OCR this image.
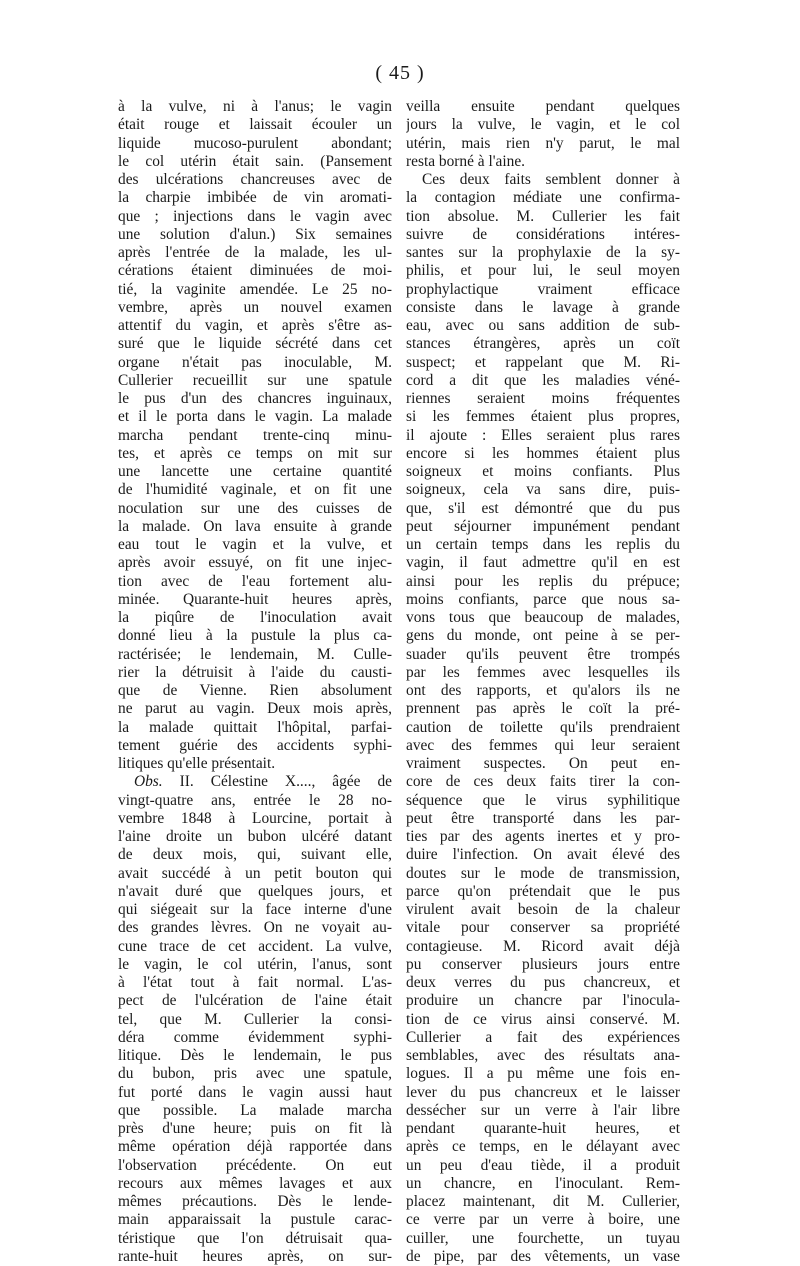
( 45 )
à la vulve, ni à l'anus; le vagin
était rouge et laissait écouler un
liquide mucoso-purulent abondant;
le col utérin était sain. (Pansement
des ulcérations chancreuses avec de
la charpie imbibée de vin aromati-
que ; injections dans le vagin avec
une solution d'alun.) Six semaines
après l'entrée de la malade, les ul-
cérations étaient diminuées de moi-
tié, la vaginite amendée. Le 25 no-
vembre, après un nouvel examen
attentif du vagin, et après s'être as-
suré que le liquide sécrété dans cet
organe n'était pas inoculable, M.
Cullerier recueillit sur une spatule
le pus d'un des chancres inguinaux,
et il le porta dans le vagin. La malade
marcha pendant trente-cinq minu-
tes, et après ce temps on mit sur
une lancette une certaine quantité
de l'humidité vaginale, et on fit une
noculation sur une des cuisses de
la malade. On lava ensuite à grande
eau tout le vagin et la vulve, et
après avoir essuyé, on fit une injec-
tion avec de l'eau fortement alu-
minée. Quarante-huit heures après,
la piqûre de l'inoculation avait
donné lieu à la pustule la plus ca-
ractérisée; le lendemain, M. Culle-
rier la détruisit à l'aide du causti-
que de Vienne. Rien absolument
ne parut au vagin. Deux mois après,
la malade quittait l'hôpital, parfai-
tement guérie des accidents syphi-
litiques qu'elle présentait.
Obs. II. Célestine X...., âgée de
vingt-quatre ans, entrée le 28 no-
vembre 1848 à Lourcine, portait à
l'aine droite un bubon ulcéré datant
de deux mois, qui, suivant elle,
avait succédé à un petit bouton qui
n'avait duré que quelques jours, et
qui siégeait sur la face interne d'une
des grandes lèvres. On ne voyait au-
cune trace de cet accident. La vulve,
le vagin, le col utérin, l'anus, sont
à l'état tout à fait normal. L'as-
pect de l'ulcération de l'aine était
tel, que M. Cullerier la consi-
déra comme évidemment syphi-
litique. Dès le lendemain, le pus
du bubon, pris avec une spatule,
fut porté dans le vagin aussi haut
que possible. La malade marcha
près d'une heure; puis on fit là
même opération déjà rapportée dans
l'observation précédente. On eut
recours aux mêmes lavages et aux
mêmes précautions. Dès le lende-
main apparaissait la pustule carac-
téristique que l'on détruisait qua-
rante-huit heures après, on sur-
veilla ensuite pendant quelques
jours la vulve, le vagin, et le col
utérin, mais rien n'y parut, le mal
resta borné à l'aine.
Ces deux faits semblent donner à
la contagion médiate une confirma-
tion absolue. M. Cullerier les fait
suivre de considérations intéres-
santes sur la prophylaxie de la sy-
philis, et pour lui, le seul moyen
prophylactique vraiment efficace
consiste dans le lavage à grande
eau, avec ou sans addition de sub-
stances étrangères, après un coït
suspect; et rappelant que M. Ri-
cord a dit que les maladies véné-
riennes seraient moins fréquentes
si les femmes étaient plus propres,
il ajoute : Elles seraient plus rares
encore si les hommes étaient plus
soigneux et moins confiants. Plus
soigneux, cela va sans dire, puis-
que, s'il est démontré que du pus
peut séjourner impunément pendant
un certain temps dans les replis du
vagin, il faut admettre qu'il en est
ainsi pour les replis du prépuce;
moins confiants, parce que nous sa-
vons tous que beaucoup de malades,
gens du monde, ont peine à se per-
suader qu'ils peuvent être trompés
par les femmes avec lesquelles ils
ont des rapports, et qu'alors ils ne
prennent pas après le coït la pré-
caution de toilette qu'ils prendraient
avec des femmes qui leur seraient
vraiment suspectes. On peut en-
core de ces deux faits tirer la con-
séquence que le virus syphilitique
peut être transporté dans les par-
ties par des agents inertes et y pro-
duire l'infection. On avait élevé des
doutes sur le mode de transmission,
parce qu'on prétendait que le pus
virulent avait besoin de la chaleur
vitale pour conserver sa propriété
contagieuse. M. Ricord avait déjà
pu conserver plusieurs jours entre
deux verres du pus chancreux, et
produire un chancre par l'inocula-
tion de ce virus ainsi conservé. M.
Cullerier a fait des expériences
semblables, avec des résultats ana-
logues. Il a pu même une fois en-
lever du pus chancreux et le laisser
dessécher sur un verre à l'air libre
pendant quarante-huit heures, et
après ce temps, en le délayant avec
un peu d'eau tiède, il a produit
un chancre, en l'inoculant. Rem-
placez maintenant, dit M. Cullerier,
ce verre par un verre à boire, une
cuiller, une fourchette, un tuyau
de pipe, par des vêtements, un vase
